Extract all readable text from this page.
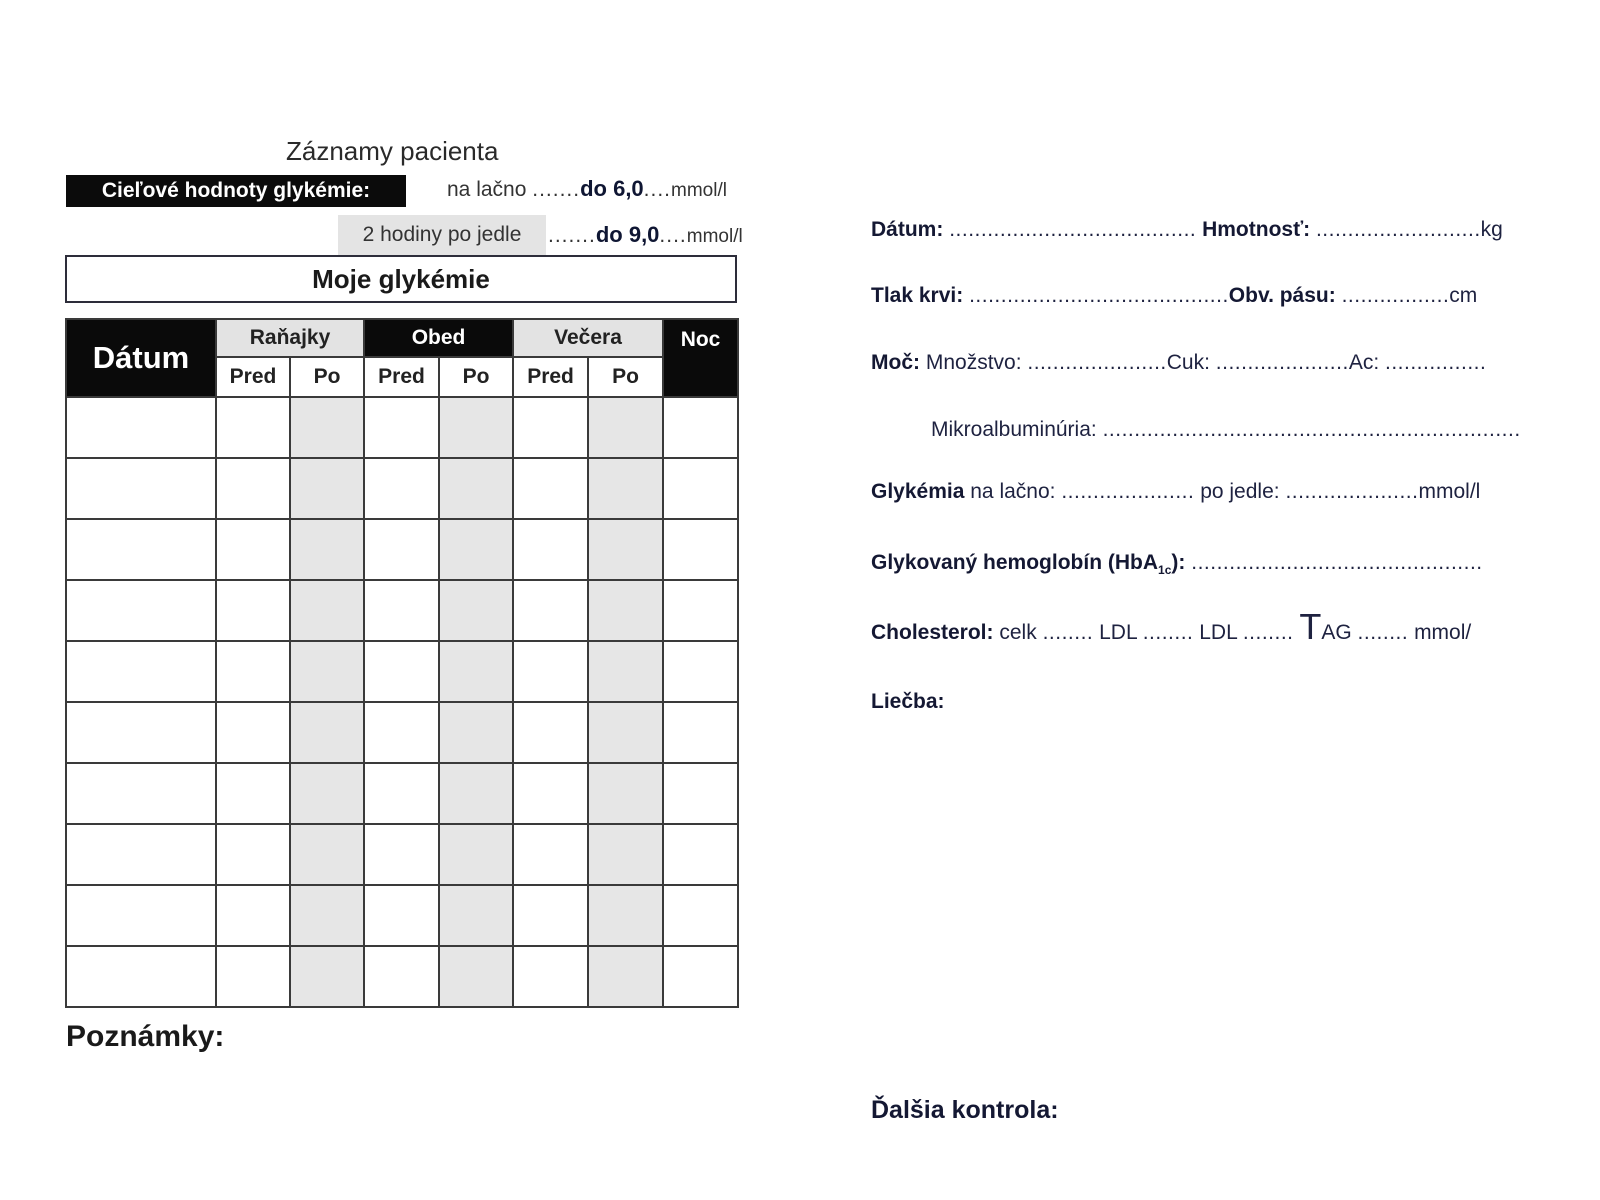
Záznamy pacienta
Cieľové hodnoty glykémie:	na lačno .......do 6,0....mmol/l
2 hodiny po jedle	.......do 9,0....mmol/l
Moje glykémie
Dátum	Raňajky		Obed		Večera		Noc
	Pred	Po	Pred	Po	Pred	Po	

Poznámky:
Dátum: ....................................... Hmotnosť: ..........................kg
Tlak krvi: .........................................Obv. pásu: .................cm
Moč: Množstvo: ......................Cuk: .....................Ac: ................
Mikroalbuminúria: ..................................................................
Glykémia na lačno: ..................... po jedle: .....................mmol/l
Glykovaný hemoglobín (HbA$_{1c}$): ..............................................
Cholesterol: celk ........ LDL ........ LDL ........ TAG ........ mmol/
Liečba:
Ďalšia kontrola:
